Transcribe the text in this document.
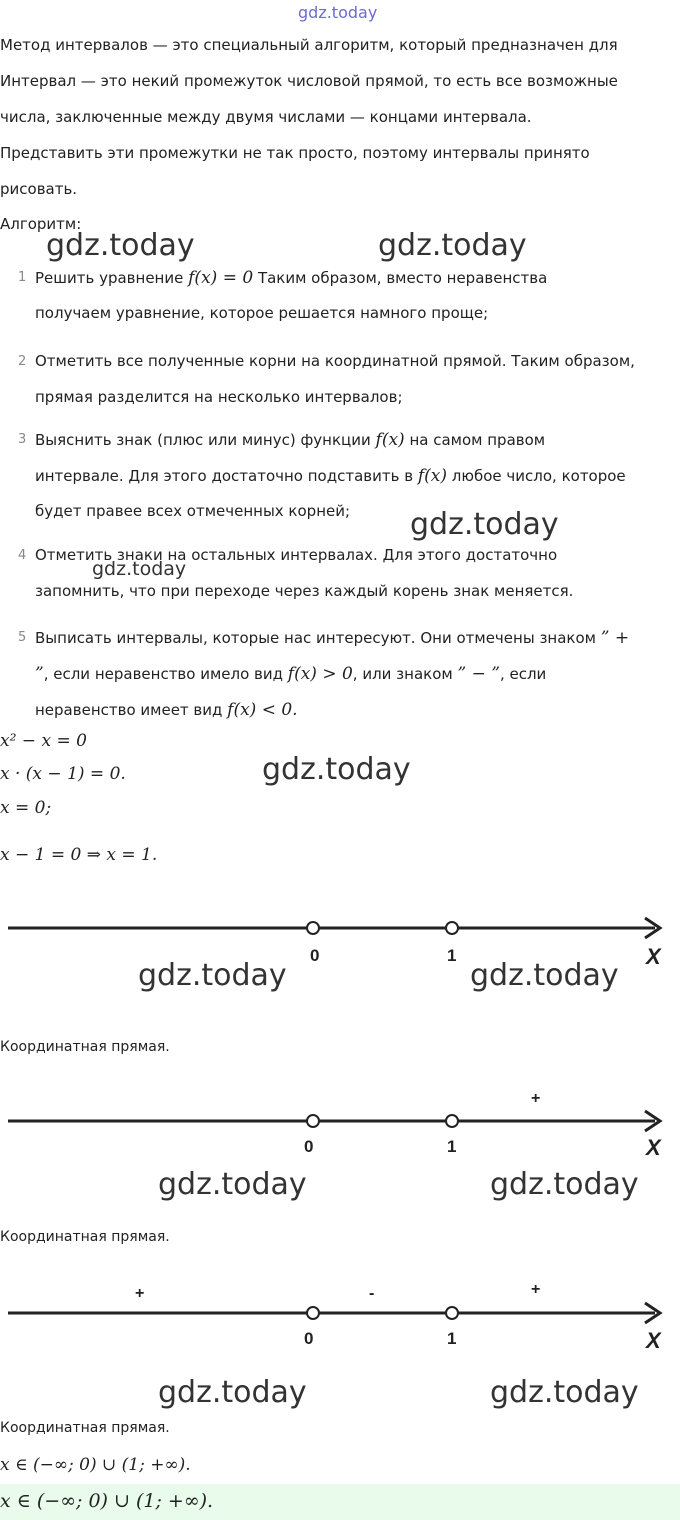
gdz.today
Метод интервалов — это специальный алгоритм, который предназначен для
Интервал — это некий промежуток числовой прямой, то есть все возможные
числа, заключенные между двумя числами — концами интервала.
Представить эти промежутки не так просто, поэтому интервалы принято
рисовать.
Алгоритм:
gdz.today	gdz.today
1 Решить уравнение f(x) = 0 Таким образом, вместо неравенства
получаем уравнение, которое решается намного проще;
2 Отметить все полученные корни на координатной прямой. Таким образом,
прямая разделится на несколько интервалов;
3 Выяснить знак (плюс или минус) функции f(x) на самом правом
интервале. Для этого достаточно подставить в f(x) любое число, которое
будет правее всех отмеченных корней; gdz.today
4 Отметить знаки на остальных интервалах. Для этого достаточно
gdz.today
запомнить, что при переходе через каждый корень знак меняется.
5 Выписать интервалы, которые нас интересуют. Они отмечены знаком ” +
”, если неравенство имело вид f(x) > 0, или знаком ” − ”, если
неравенство имеет вид f(x) < 0.
x² − x = 0
x · (x − 1) = 0.	gdz.today
x = 0;
x − 1 = 0 ⇒ x = 1.
0	1	X
gdz.today	gdz.today
Координатная прямая.
+
0	1	X
gdz.today	gdz.today
Координатная прямая.
+	-	+
0	1	X
gdz.today	gdz.today
Координатная прямая.
x ∈ (−∞; 0) ∪ (1; +∞).
x ∈ (−∞; 0) ∪ (1; +∞).
